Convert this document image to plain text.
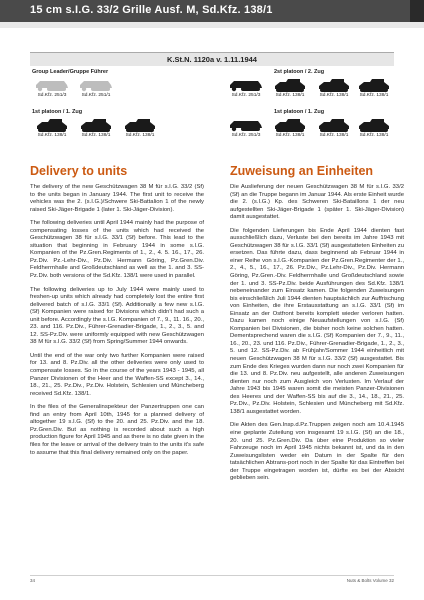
15 cm s.I.G. 33/2 Grille Ausf. M, Sd.Kfz. 138/1
K.St.N. 1120a v. 1.11.1944
Group Leader/Gruppe Führer
1st platoon / 1. Zug
2st platoon / 2. Zug
1st platoon / 1. Zug
Sd.Kfz. 251/3	Sd.Kfz. 251/1
Sd.Kfz. 138/1	Sd.Kfz. 138/1	Sd.Kfz. 138/1
Sd.Kfz. 251/3	Sd.Kfz. 138/1	Sd.Kfz. 138/1	Sd.Kfz. 138/1
Sd.Kfz. 251/3	Sd.Kfz. 138/1	Sd.Kfz. 138/1	Sd.Kfz. 138/1
Delivery to units

The delivery of the new Geschützwagen 38 M für s.I.G. 33/2 (Sf) to the units began in January 1944. The first unit to receive the vehicles was the 2. (s.I.G.)/Schwere Ski-Battalion 1 of the newly raised Ski-Jäger-Brigade 1 (later 1. Ski-Jäger-Division).

The following deliveries until April 1944 mainly had the purpose of compensating losses of the units which had received the Geschützwagen 38 für s.I.G. 33/1 (Sf) before. This lead to the situation that beginning in February 1944 in some s.I.G. Kompanien of the Pz.Gren.Regiments of 1., 2., 4. 5. 16., 17., 26. Pz.Div. Pz.-Lehr-Div., Pz.Div. Hermann Göring, Pz.Gren.Div. Feldherrnhalle and Großdeutschland as well as the 1. and 3. SS-Pz.Div. both versions of the Sd.Kfz. 138/1 were used in parallel.

The following deliveries up to July 1944 were mainly used to freshen-up units which already had completely lost the entire first delivered batch of s.I.G. 33/1 (Sf). Additionally a few new s.I.G. (Sf) Kompanien were raised for Divisions which didn't had such a unit before. Accordingly the s.I.G. Kompanien of 7., 9., 11. 16., 20., 23. and 116. Pz.Div., Führer-Grenadier-Brigade, 1., 2., 3., 5. and 12. SS-Pz.Div. were uniformly equipped with new Geschützwagen 38 M für s.I.G. 33/2 (Sf) from Spring/Summer 1944 onwards.

Until the end of the war only two further Kompanien were raised for 13. and 8. Pz.Div. all the other deliveries were only used to compensate losses. So in the course of the years 1943 - 1945, all Panzer Divisionen of the Heer and the Waffen-SS except 3., 14., 18., 21., 25. Pz.Div., Pz.Div. Holstein, Schlesien und Müncheberg received Sd.Kfz. 138/1.

In the files of the Generalinspekteur der Panzertruppen one can find an entry from April 10th, 1945 for a planned delivery of altogether 19 s.I.G. (Sf) to the 20. and 25. Pz.Div. and the 18. Pz.Gren.Div. But as nothing is recorded about such a high production figure for April 1945 and as there is no date given in the files for the leave or arrival of the delivery train to the units it's safe to assume that this final delivery remained only on the paper.

Zuweisung an Einheiten

Die Auslieferung der neuen Geschützwagen 38 M für s.I.G. 33/2 (Sf) an die Truppe begann im Januar 1944. Als erste Einheit wurde die 2. (s.I.G.) Kp. des Schweren Ski-Bataillons 1 der neu aufgestellten Ski-Jäger-Brigade 1 (später 1. Ski-Jäger-Division) damit ausgestattet.

Die folgenden Lieferungen bis Ende April 1944 dienten fast ausschließlich dazu, Verluste bei den bereits im Jahre 1943 mit Geschützwagen 38 für s.I.G. 33/1 (Sf) ausgestatteten Einheiten zu ersetzen. Das führte dazu, dass beginnend ab Februar 1944 in einer Reihe von s.I.G.-Kompanien der Pz.Gren.Regimenter der 1., 2., 4., 5., 16., 17., 26. Pz.Div., Pz.Lehr-Div., Pz.Div. Hermann Göring, Pz.Gren.-Div. Feldherrnhalle und Großdeutschland sowie der 1. und 3. SS-Pz.Div. beide Ausführungen des Sd.Kfz. 138/1 nebeneinander zum Einsatz kamen. Die folgenden Zuweisungen bis einschließlich Juli 1944 dienten hauptsächlich zur Auffrischung von Einheiten, die ihre Erstausstattung an s.I.G. 33/1 (Sf) im Einsatz an der Ostfront bereits komplett wieder verloren hatten. Dazu kamen noch einige Neuaufstellungen von s.I.G. (Sf) Kompanien bei Divisionen, die bisher noch keine solchen hatten. Dementsprechend waren die s.I.G. (Sf) Kompanien der 7., 9., 11., 16., 20., 23. und 116. Pz.Div., Führer-Grenadier-Brigade, 1., 2., 3., 5. und 12. SS-Pz.Div. ab Frühjahr/Sommer 1944 einheitlich mit neuen Geschützwagen 38 M für s.I.G. 33/2 (Sf) ausgestattet. Bis zum Ende des Krieges wurden dann nur noch zwei Kompanien für die 13. und 8. Pz.Div. neu aufgestellt, alle anderen Zuweisungen dienten nur noch zum Ausgleich von Verlusten. Im Verlauf der Jahre 1943 bis 1945 waren somit die meisten Panzer-Divisionen des Heeres und der Waffen-SS bis auf die 3., 14., 18., 21., 25. Pz.Div., Pz.Div. Holstein, Schlesien und Müncheberg mit Sd.Kfz. 138/1 ausgestattet worden.

Die Akten des Gen.Insp.d.Pz.Truppen zeigen noch am 10.4.1945 eine geplante Zuteilung von insgesamt 19 s.I.G. (Sf) an die 18., 20. und 25. Pz.Gren.Div. Da über eine Produktion so vieler Fahrzeuge noch im April 1945 nichts bekannt ist, und da in den Zuweisungslisten weder ein Datum in der Spalte für den tatsächlichen Abtrans-port noch in der Spalte für das Eintreffen bei der Truppe eingetragen worden ist, dürfte es bei der Absicht geblieben sein.

34	Nuts & Bolts Volume 32
